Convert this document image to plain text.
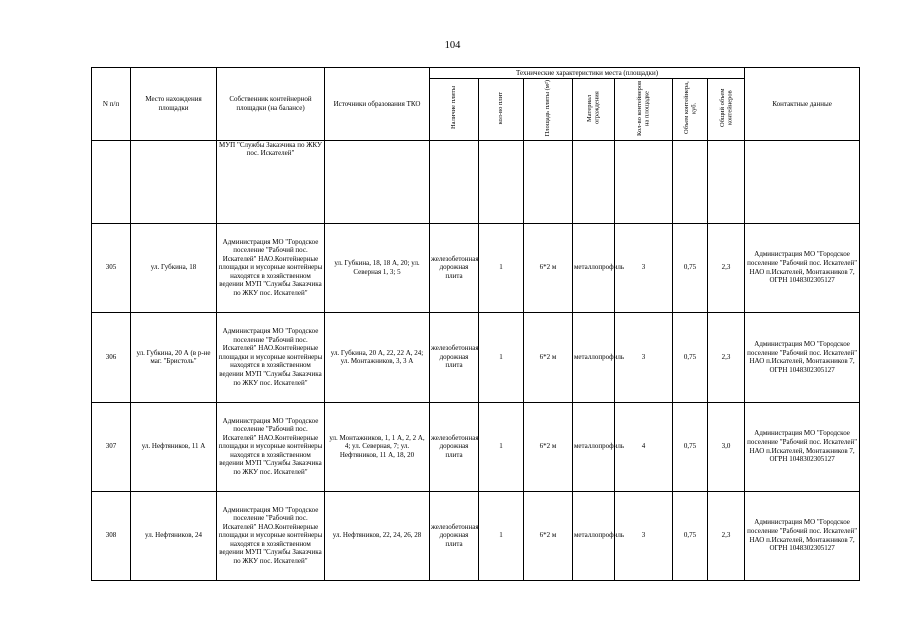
104
N п/п	Место нахождения площадки	Собственник контейнерной площадки (на балансе)	Источники образования ТКО	Технические характеристики места (площадки)							Контактные данные
				Наличие плиты	кол-во плит	Площадь плиты (м²)	Материал ограждения	Кол-во контейнеров на площадке	Объем контейнера, куб.	Общий объем контейнеров	
		МУП "Службы Заказчика по ЖКУ пос. Искателей"									
305	ул. Губкина, 18	Администрация МО "Городское поселение "Рабочий пос. Искателей" НАО.Контейнерные площадки и мусорные контейнеры находятся в хозяйственном ведении МУП "Службы Заказчика по ЖКУ пос. Искателей"	ул. Губкина, 18, 18 А, 20; ул. Северная 1, 3; 5	железобетонная дорожная плита	1	6*2 м	металлопрофиль	3	0,75	2,3	Администрация МО "Городское поселение "Рабочий пос. Искателей" НАО п.Искателей, Монтажников 7, ОГРН 1048302305127
306	ул. Губкина, 20 А (в р-не маг. "Бристоль"	Администрация МО "Городское поселение "Рабочий пос. Искателей" НАО.Контейнерные площадки и мусорные контейнеры находятся в хозяйственном ведении МУП "Службы Заказчика по ЖКУ пос. Искателей"	ул. Губкина, 20 А, 22, 22 А, 24; ул. Монтажников, 3, 3 А	железобетонная дорожная плита	1	6*2 м	металлопрофиль	3	0,75	2,3	Администрация МО "Городское поселение "Рабочий пос. Искателей" НАО п.Искателей, Монтажников 7, ОГРН 1048302305127
307	ул. Нефтяников, 11 А	Администрация МО "Городское поселение "Рабочий пос. Искателей" НАО.Контейнерные площадки и мусорные контейнеры находятся в хозяйственном ведении МУП "Службы Заказчика по ЖКУ пос. Искателей"	ул. Монтажников, 1, 1 А, 2, 2 А, 4; ул. Северная, 7; ул. Нефтяников, 11 А, 18, 20	железобетонная дорожная плита	1	6*2 м	металлопрофиль	4	0,75	3,0	Администрация МО "Городское поселение "Рабочий пос. Искателей" НАО п.Искателей, Монтажников 7, ОГРН 1048302305127
308	ул. Нефтяников, 24	Администрация МО "Городское поселение "Рабочий пос. Искателей" НАО.Контейнерные площадки и мусорные контейнеры находятся в хозяйственном ведении МУП "Службы Заказчика по ЖКУ пос. Искателей"	ул. Нефтяников, 22, 24, 26, 28	железобетонная дорожная плита	1	6*2 м	металлопрофиль	3	0,75	2,3	Администрация МО "Городское поселение "Рабочий пос. Искателей" НАО п.Искателей, Монтажников 7, ОГРН 1048302305127
